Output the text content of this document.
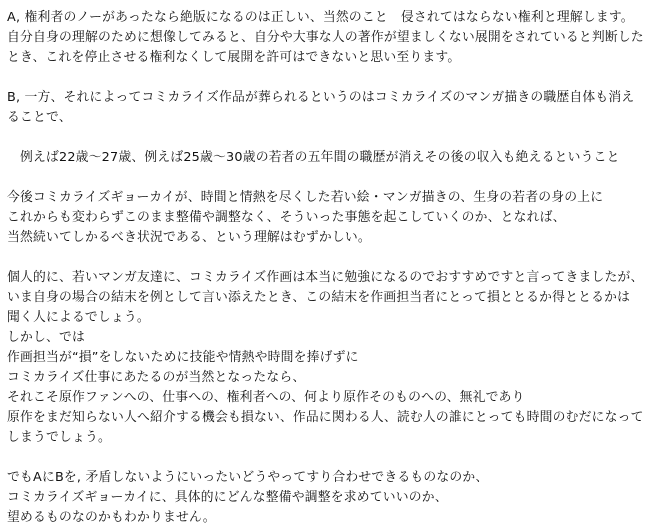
A, 権利者のノーがあったなら絶版になるのは正しい、当然のこと　侵されてはならない権利と理解します。
自分自身の理解のために想像してみると、自分や大事な人の著作が望ましくない展開をされていると判断した
とき、これを停止させる権利なくして展開を許可はできないと思い至ります。
B, 一方、それによってコミカライズ作品が葬られるというのはコミカライズのマンガ描きの職歴自体も消え
ることで、
例えば22歳〜27歳、例えば25歳〜30歳の若者の五年間の職歴が消えその後の収入も絶えるということ
今後コミカライズギョーカイが、時間と情熱を尽くした若い絵・マンガ描きの、生身の若者の身の上に
これからも変わらずこのまま整備や調整なく、そういった事態を起こしていくのか、となれば、
当然続いてしかるべき状況である、という理解はむずかしい。
個人的に、若いマンガ友達に、コミカライズ作画は本当に勉強になるのでおすすめですと言ってきましたが、
いま自身の場合の結末を例として言い添えたとき、この結末を作画担当者にとって損ととるか得ととるかは
聞く人によるでしょう。
しかし、では
作画担当が“損”をしないために技能や情熱や時間を捧げずに
コミカライズ仕事にあたるのが当然となったなら、
それこそ原作ファンへの、仕事への、権利者への、何より原作そのものへの、無礼であり
原作をまだ知らない人へ紹介する機会も損ない、作品に関わる人、読む人の誰にとっても時間のむだになって
しまうでしょう。
でもAにBを, 矛盾しないようにいったいどうやってすり合わせできるものなのか、
コミカライズギョーカイに、具体的にどんな整備や調整を求めていいのか、
望めるものなのかもわかりません。
